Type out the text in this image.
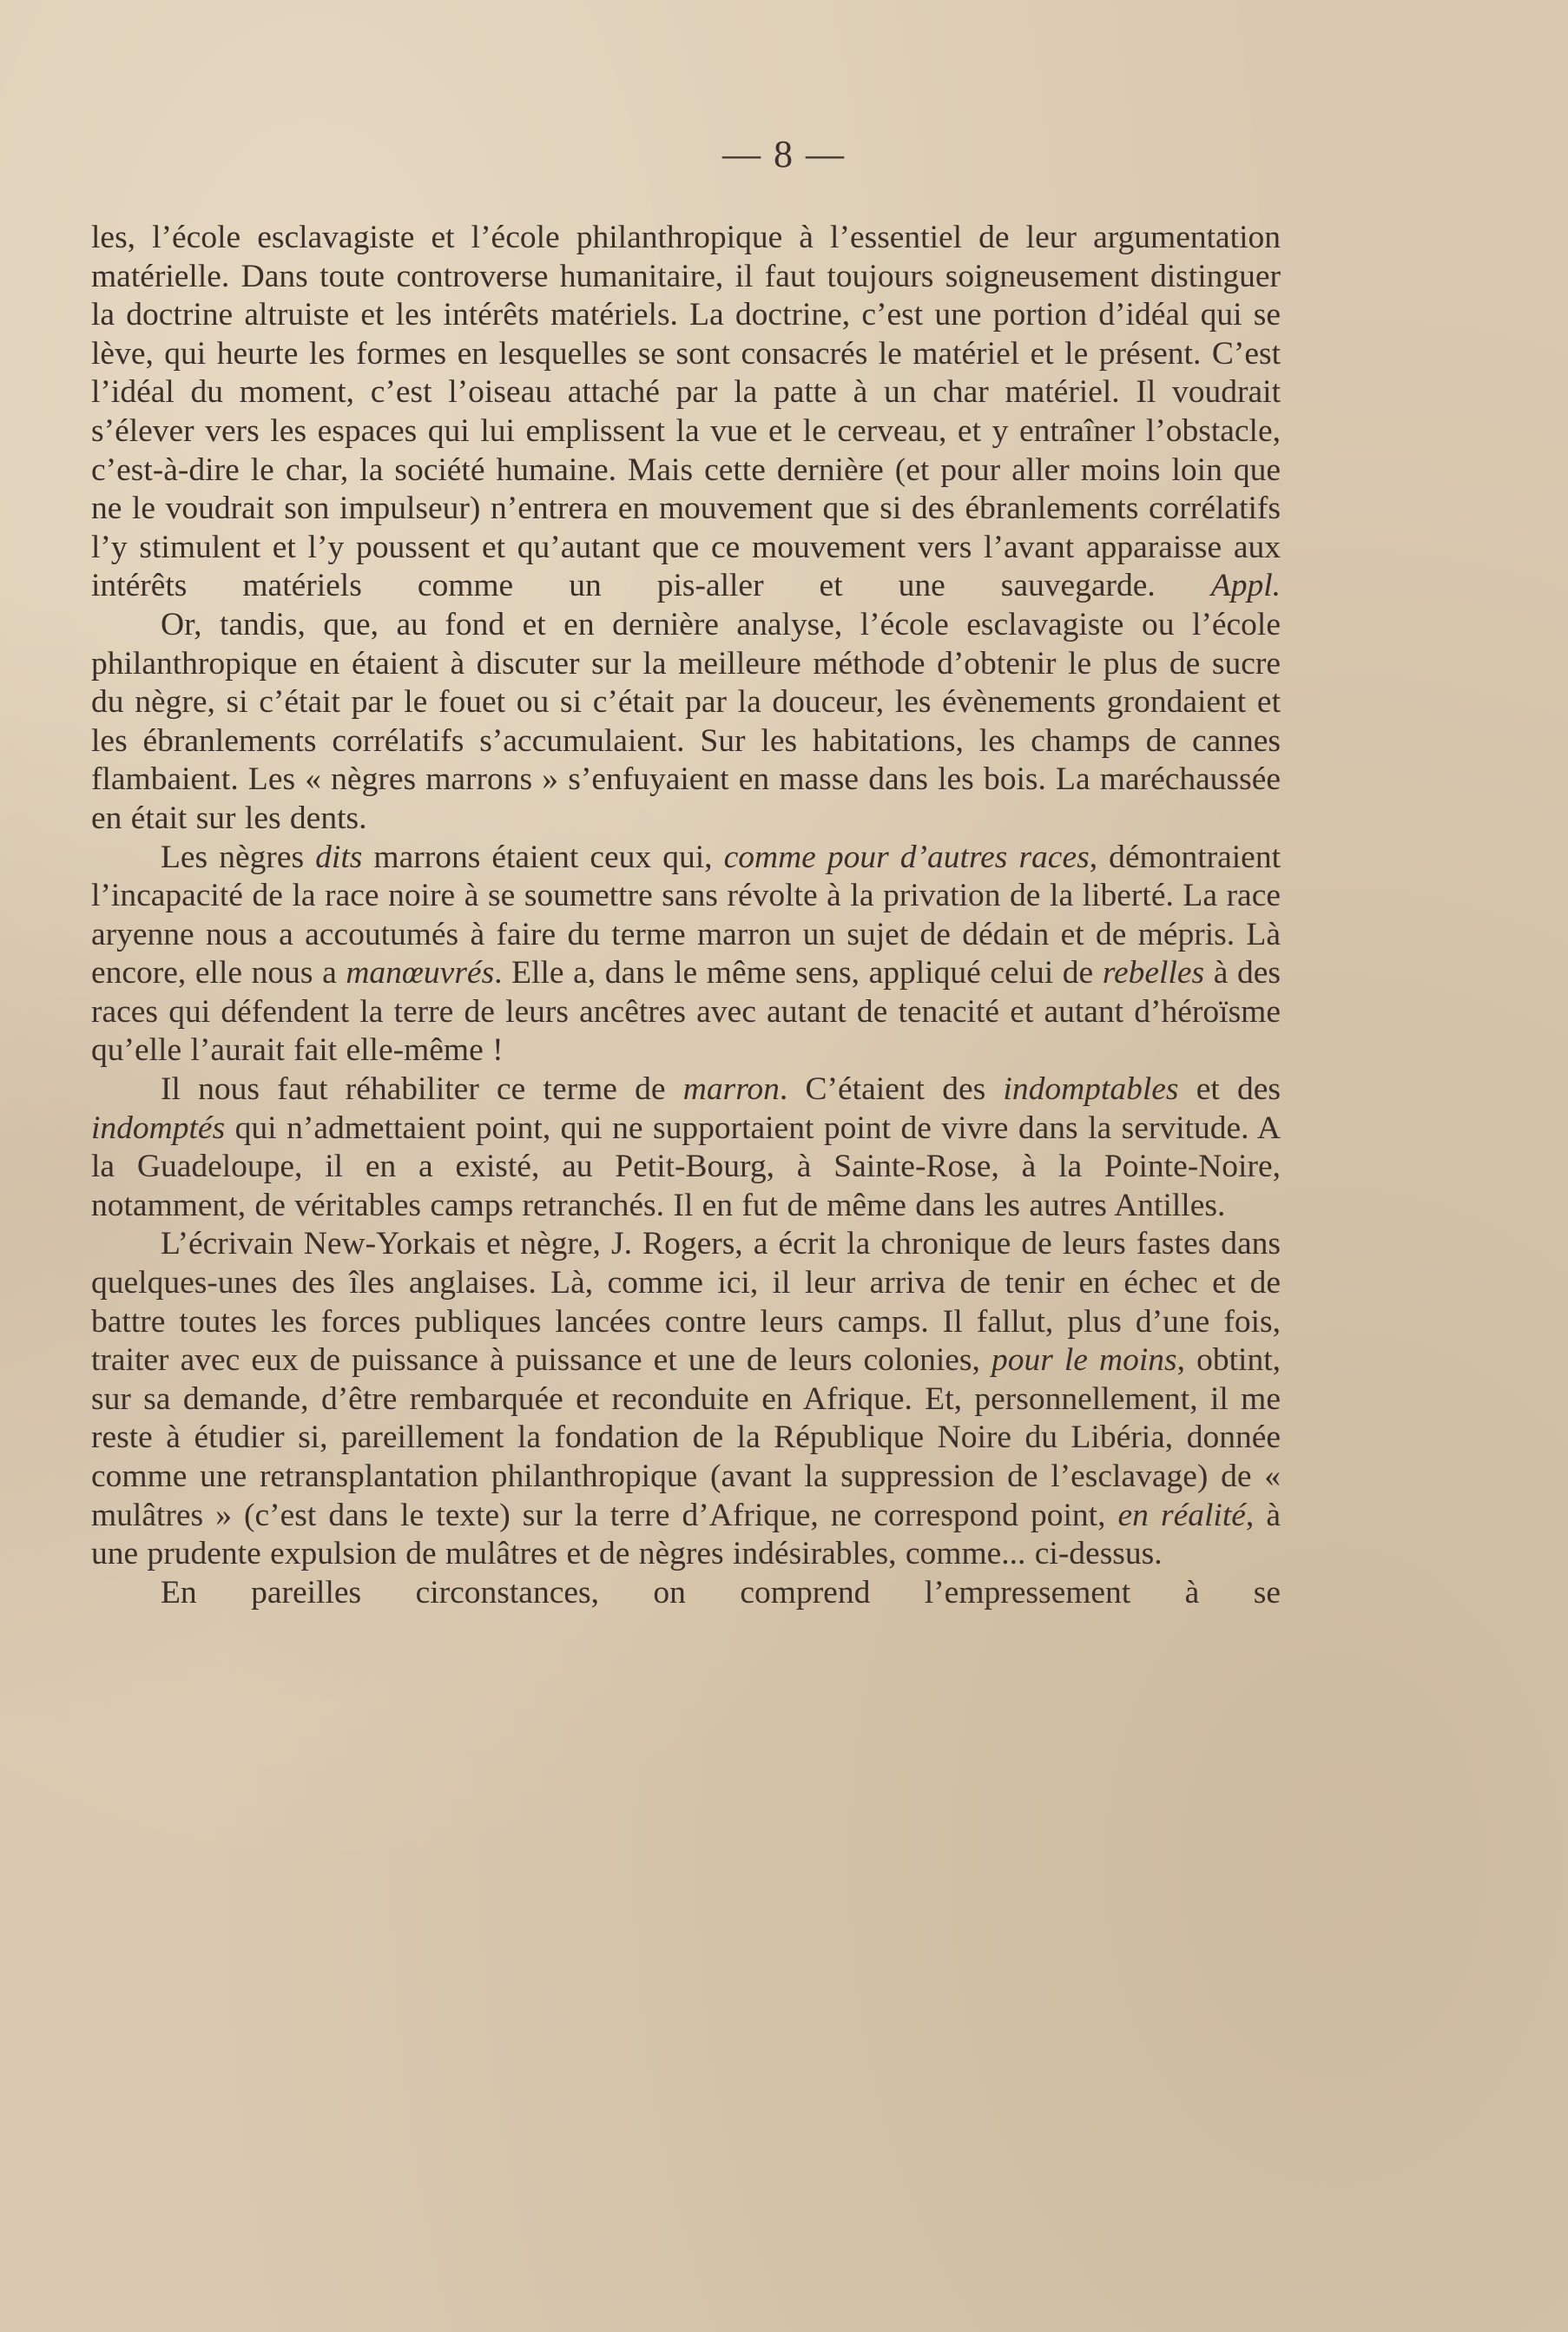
— 8 —

les, l’école esclavagiste et l’école philanthropique à l’essentiel de leur argumentation matérielle. Dans toute controverse humanitaire, il faut toujours soigneusement distinguer la doctrine altruiste et les intérêts matériels. La doctrine, c’est une portion d’idéal qui se lève, qui heurte les formes en lesquelles se sont consacrés le matériel et le présent. C’est l’idéal du moment, c’est l’oiseau attaché par la patte à un char matériel. Il voudrait s’élever vers les espaces qui lui emplissent la vue et le cerveau, et y entraîner l’obstacle, c’est-à-dire le char, la société humaine. Mais cette dernière (et pour aller moins loin que ne le voudrait son impulseur) n’entrera en mouvement que si des ébranlements corrélatifs l’y stimulent et l’y poussent et qu’autant que ce mouvement vers l’avant apparaisse aux intérêts matériels comme un pis-aller et une sauvegarde. Appl.

Or, tandis, que, au fond et en dernière analyse, l’école esclavagiste ou l’école philanthropique en étaient à discuter sur la meilleure méthode d’obtenir le plus de sucre du nègre, si c’était par le fouet ou si c’était par la douceur, les évènements grondaient et les ébranlements corrélatifs s’accumulaient. Sur les habitations, les champs de cannes flambaient. Les « nègres marrons » s’enfuyaient en masse dans les bois. La maréchaussée en était sur les dents.

Les nègres dits marrons étaient ceux qui, comme pour d’autres races, démontraient l’incapacité de la race noire à se soumettre sans révolte à la privation de la liberté. La race aryenne nous a accoutumés à faire du terme marron un sujet de dédain et de mépris. Là encore, elle nous a manœuvrés. Elle a, dans le même sens, appliqué celui de rebelles à des races qui défendent la terre de leurs ancêtres avec autant de tenacité et autant d’héroïsme qu’elle l’aurait fait elle-même !

Il nous faut réhabiliter ce terme de marron. C’étaient des indomptables et des indomptés qui n’admettaient point, qui ne supportaient point de vivre dans la servitude. A la Guadeloupe, il en a existé, au Petit-Bourg, à Sainte-Rose, à la Pointe-Noire, notamment, de véritables camps retranchés. Il en fut de même dans les autres Antilles.

L’écrivain New-Yorkais et nègre, J. Rogers, a écrit la chronique de leurs fastes dans quelques-unes des îles anglaises. Là, comme ici, il leur arriva de tenir en échec et de battre toutes les forces publiques lancées contre leurs camps. Il fallut, plus d’une fois, traiter avec eux de puissance à puissance et une de leurs colonies, pour le moins, obtint, sur sa demande, d’être rembarquée et reconduite en Afrique. Et, personnellement, il me reste à étudier si, pareillement la fondation de la République Noire du Libéria, donnée comme une retransplantation philanthropique (avant la suppression de l’esclavage) de « mulâtres » (c’est dans le texte) sur la terre d’Afrique, ne correspond point, en réalité, à une prudente expulsion de mulâtres et de nègres indésirables, comme... ci-dessus.

En pareilles circonstances, on comprend l’empressement à se
